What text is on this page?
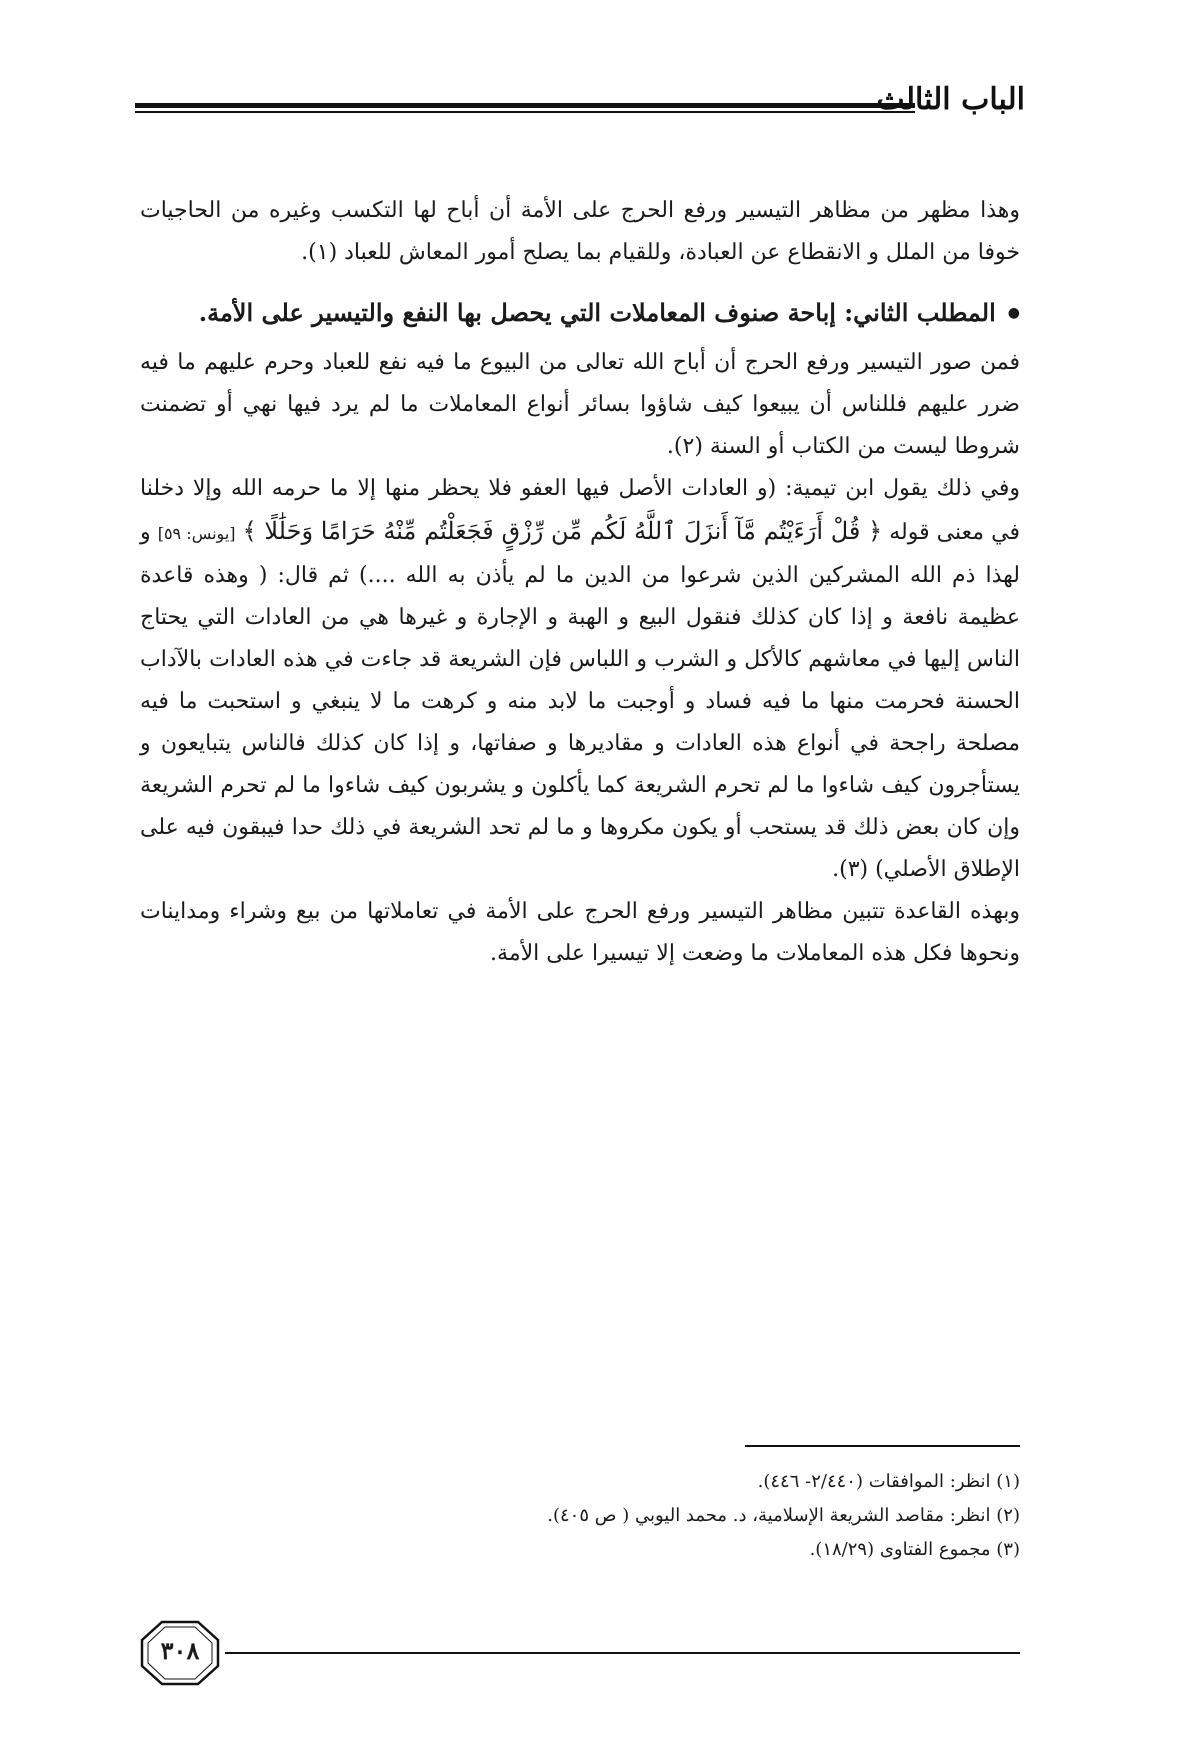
الباب الثالث

وهذا مظهر من مظاهر التيسير ورفع الحرج على الأمة أن أباح لها التكسب وغيره من الحاجيات خوفا من الملل و الانقطاع عن العبادة، وللقيام بما يصلح أمور المعاش للعباد (١).

●
المطلب الثاني: إباحة صنوف المعاملات التي يحصل بها النفع والتيسير على الأمة.

فمن صور التيسير ورفع الحرج أن أباح الله تعالى من البيوع ما فيه نفع للعباد وحرم عليهم ما فيه ضرر عليهم فللناس أن يبيعوا كيف شاؤوا بسائر أنواع المعاملات ما لم يرد فيها نهي أو تضمنت شروطا ليست من الكتاب أو السنة (٢).

وفي ذلك يقول ابن تيمية: (و العادات الأصل فيها العفو فلا يحظر منها إلا ما حرمه الله وإلا دخلنا في معنى قوله ﴿ قُلْ أَرَءَيْتُم مَّآ أَنزَلَ ٱللَّهُ لَكُم مِّن رِّزْقٍ فَجَعَلْتُم مِّنْهُ حَرَامًا وَحَلَٰلًا ﴾ [يونس: ٥٩] و لهذا ذم الله المشركين الذين شرعوا من الدين ما لم يأذن به الله ....) ثم قال: ( وهذه قاعدة عظيمة نافعة و إذا كان كذلك فنقول البيع و الهبة و الإجارة و غيرها هي من العادات التي يحتاج الناس إليها في معاشهم كالأكل و الشرب و اللباس فإن الشريعة قد جاءت في هذه العادات بالآداب الحسنة فحرمت منها ما فيه فساد و أوجبت ما لابد منه و كرهت ما لا ينبغي و استحبت ما فيه مصلحة راجحة في أنواع هذه العادات و مقاديرها و صفاتها، و إذا كان كذلك فالناس يتبايعون و يستأجرون كيف شاءوا ما لم تحرم الشريعة كما يأكلون و يشربون كيف شاءوا ما لم تحرم الشريعة وإن كان بعض ذلك قد يستحب أو يكون مكروها و ما لم تحد الشريعة في ذلك حدا فيبقون فيه على الإطلاق الأصلي) (٣).

وبهذه القاعدة تتبين مظاهر التيسير ورفع الحرج على الأمة في تعاملاتها من بيع وشراء ومداينات ونحوها فكل هذه المعاملات ما وضعت إلا تيسيرا على الأمة.

(١) انظر: الموافقات (٢/٤٤٠- ٤٤٦).

(٢) انظر: مقاصد الشريعة الإسلامية، د. محمد اليوبي ( ص ٤٠٥).

(٣) مجموع الفتاوى (١٨/٢٩).

٣٠٨
